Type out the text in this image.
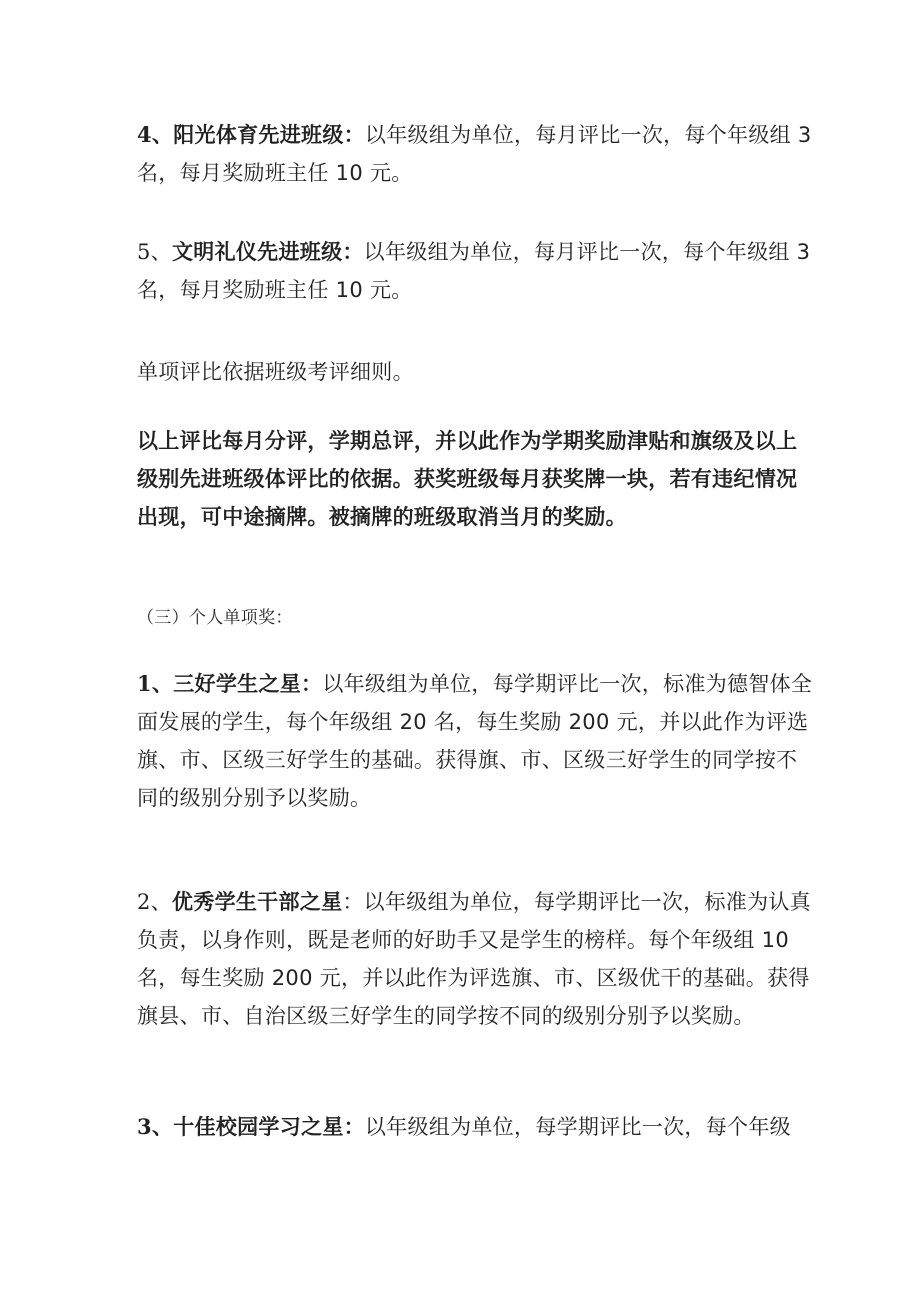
4、阳光体育先进班级：以年级组为单位，每月评比一次，每个年级组 3 名，每月奖励班主任 10 元。

5、文明礼仪先进班级：以年级组为单位，每月评比一次，每个年级组 3 名，每月奖励班主任 10 元。

单项评比依据班级考评细则。

以上评比每月分评，学期总评，并以此作为学期奖励津贴和旗级及以上级别先进班级体评比的依据。获奖班级每月获奖牌一块，若有违纪情况出现，可中途摘牌。被摘牌的班级取消当月的奖励。

（三）个人单项奖：

1、三好学生之星：以年级组为单位，每学期评比一次，标准为德智体全面发展的学生，每个年级组 20 名，每生奖励 200 元，并以此作为评选旗、市、区级三好学生的基础。获得旗、市、区级三好学生的同学按不同的级别分别予以奖励。

2、优秀学生干部之星：以年级组为单位，每学期评比一次，标准为认真负责，以身作则，既是老师的好助手又是学生的榜样。每个年级组 10 名，每生奖励 200 元，并以此作为评选旗、市、区级优干的基础。获得旗县、市、自治区级三好学生的同学按不同的级别分别予以奖励。

3、十佳校园学习之星：以年级组为单位，每学期评比一次，每个年级
